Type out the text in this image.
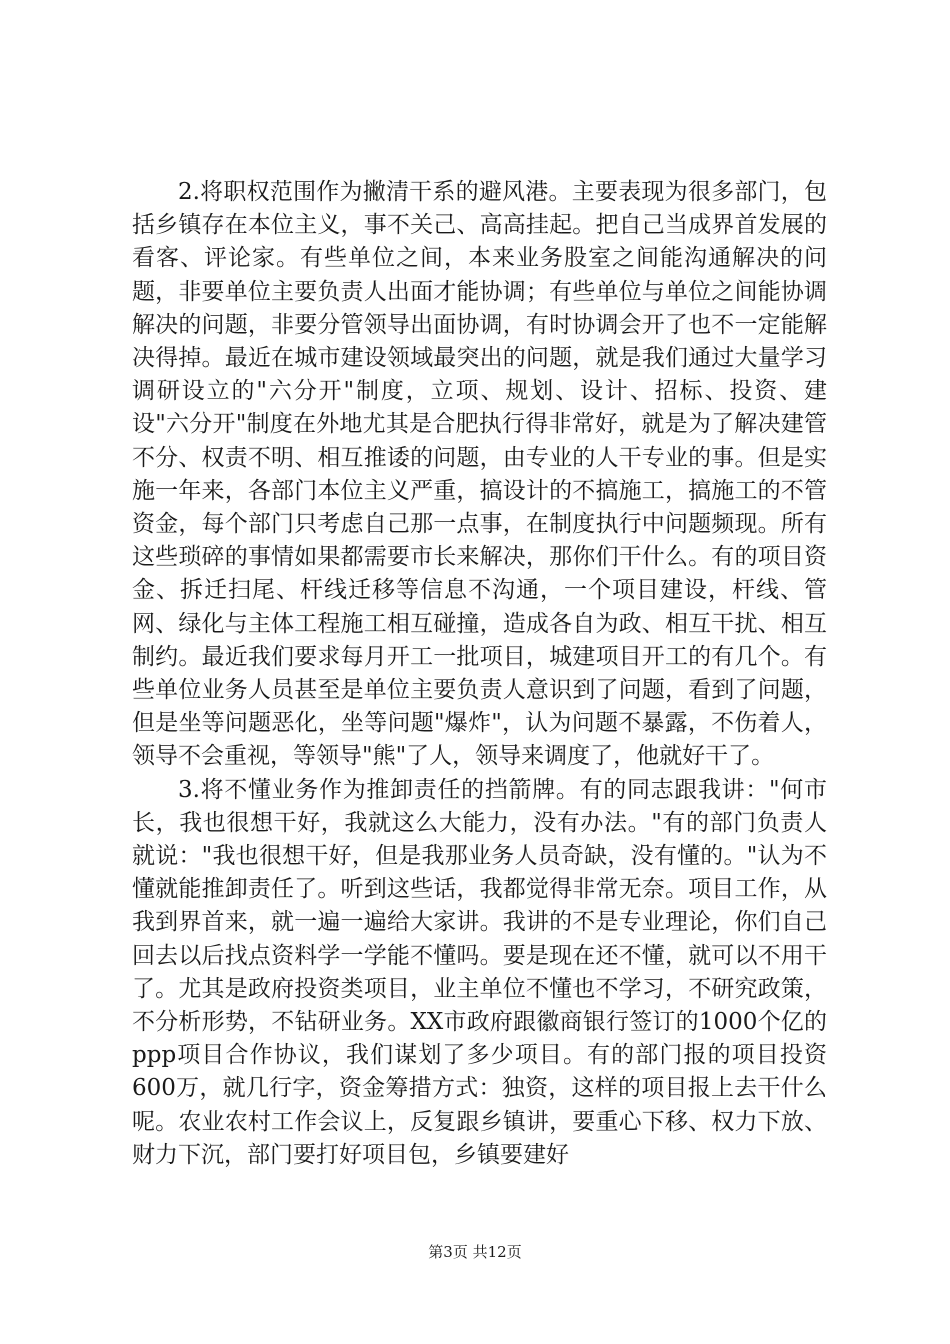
2.将职权范围作为撇清干系的避风港。主要表现为很多部门，包括乡镇存在本位主义，事不关己、高高挂起。把自己当成界首发展的看客、评论家。有些单位之间，本来业务股室之间能沟通解决的问题，非要单位主要负责人出面才能协调；有些单位与单位之间能协调解决的问题，非要分管领导出面协调，有时协调会开了也不一定能解决得掉。最近在城市建设领域最突出的问题，就是我们通过大量学习调研设立的"六分开"制度，立项、规划、设计、招标、投资、建设"六分开"制度在外地尤其是合肥执行得非常好，就是为了解决建管不分、权责不明、相互推诿的问题，由专业的人干专业的事。但是实施一年来，各部门本位主义严重，搞设计的不搞施工，搞施工的不管资金，每个部门只考虑自己那一点事，在制度执行中问题频现。所有这些琐碎的事情如果都需要市长来解决，那你们干什么。有的项目资金、拆迁扫尾、杆线迁移等信息不沟通，一个项目建设，杆线、管网、绿化与主体工程施工相互碰撞，造成各自为政、相互干扰、相互制约。最近我们要求每月开工一批项目，城建项目开工的有几个。有些单位业务人员甚至是单位主要负责人意识到了问题，看到了问题，但是坐等问题恶化，坐等问题"爆炸"，认为问题不暴露，不伤着人，领导不会重视，等领导"熊"了人，领导来调度了，他就好干了。

3.将不懂业务作为推卸责任的挡箭牌。有的同志跟我讲："何市长，我也很想干好，我就这么大能力，没有办法。"有的部门负责人就说："我也很想干好，但是我那业务人员奇缺，没有懂的。"认为不懂就能推卸责任了。听到这些话，我都觉得非常无奈。项目工作，从我到界首来，就一遍一遍给大家讲。我讲的不是专业理论，你们自己回去以后找点资料学一学能不懂吗。要是现在还不懂，就可以不用干了。尤其是政府投资类项目，业主单位不懂也不学习，不研究政策，不分析形势，不钻研业务。XX市政府跟徽商银行签订的1000个亿的ppp项目合作协议，我们谋划了多少项目。有的部门报的项目投资600万，就几行字，资金筹措方式：独资，这样的项目报上去干什么呢。农业农村工作会议上，反复跟乡镇讲，要重心下移、权力下放、财力下沉，部门要打好项目包，乡镇要建好

第3页 共12页
